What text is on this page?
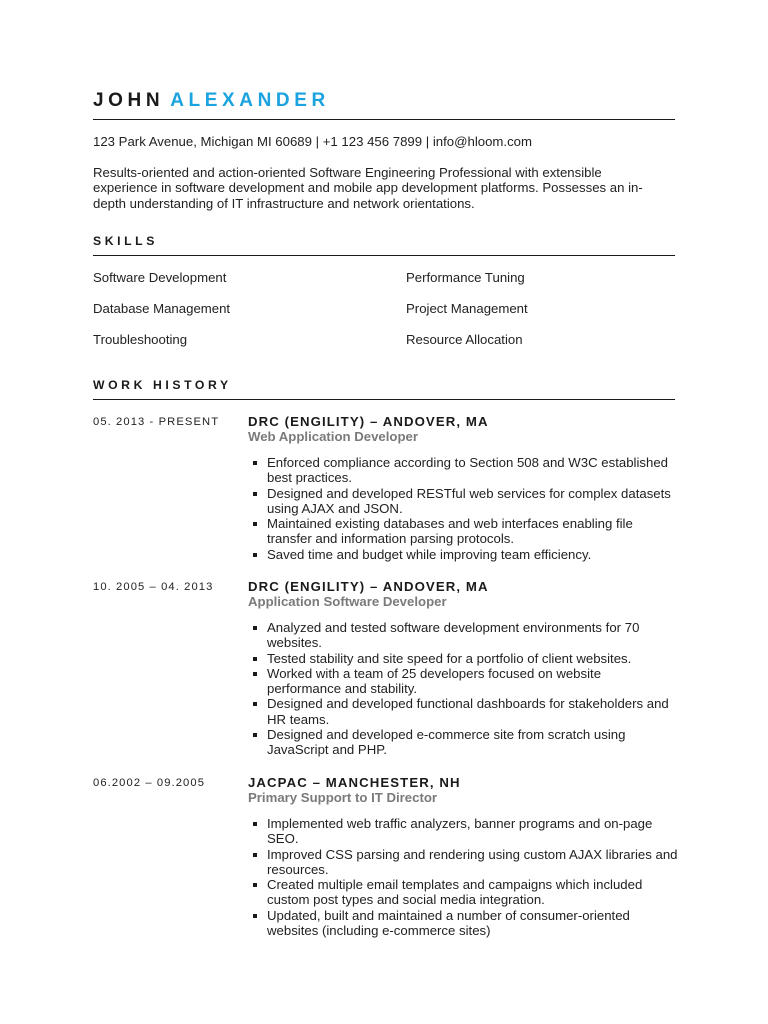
JOHN ALEXANDER
123 Park Avenue, Michigan MI 60689 | +1 123 456 7899 | info@hloom.com
Results-oriented and action-oriented Software Engineering Professional with extensible experience in software development and mobile app development platforms. Possesses an in-depth understanding of IT infrastructure and network orientations.
SKILLS
Software Development
Database Management
Troubleshooting
Performance Tuning
Project Management
Resource Allocation
WORK HISTORY
05. 2013 - PRESENT DRC (ENGILITY) – ANDOVER, MA
Web Application Developer
Enforced compliance according to Section 508 and W3C established best practices.
Designed and developed RESTful web services for complex datasets using AJAX and JSON.
Maintained existing databases and web interfaces enabling file transfer and information parsing protocols.
Saved time and budget while improving team efficiency.
10. 2005 – 04. 2013	DRC (ENGILITY) – ANDOVER, MA
Application Software Developer
Analyzed and tested software development environments for 70 websites.
Tested stability and site speed for a portfolio of client websites.
Worked with a team of 25 developers focused on website performance and stability.
Designed and developed functional dashboards for stakeholders and HR teams.
Designed and developed e-commerce site from scratch using JavaScript and PHP.
06.2002 – 09.2005	JACPAC – MANCHESTER, NH
Primary Support to IT Director
Implemented web traffic analyzers, banner programs and on-page SEO.
Improved CSS parsing and rendering using custom AJAX libraries and resources.
Created multiple email templates and campaigns which included custom post types and social media integration.
Updated, built and maintained a number of consumer-oriented websites (including e-commerce sites)
